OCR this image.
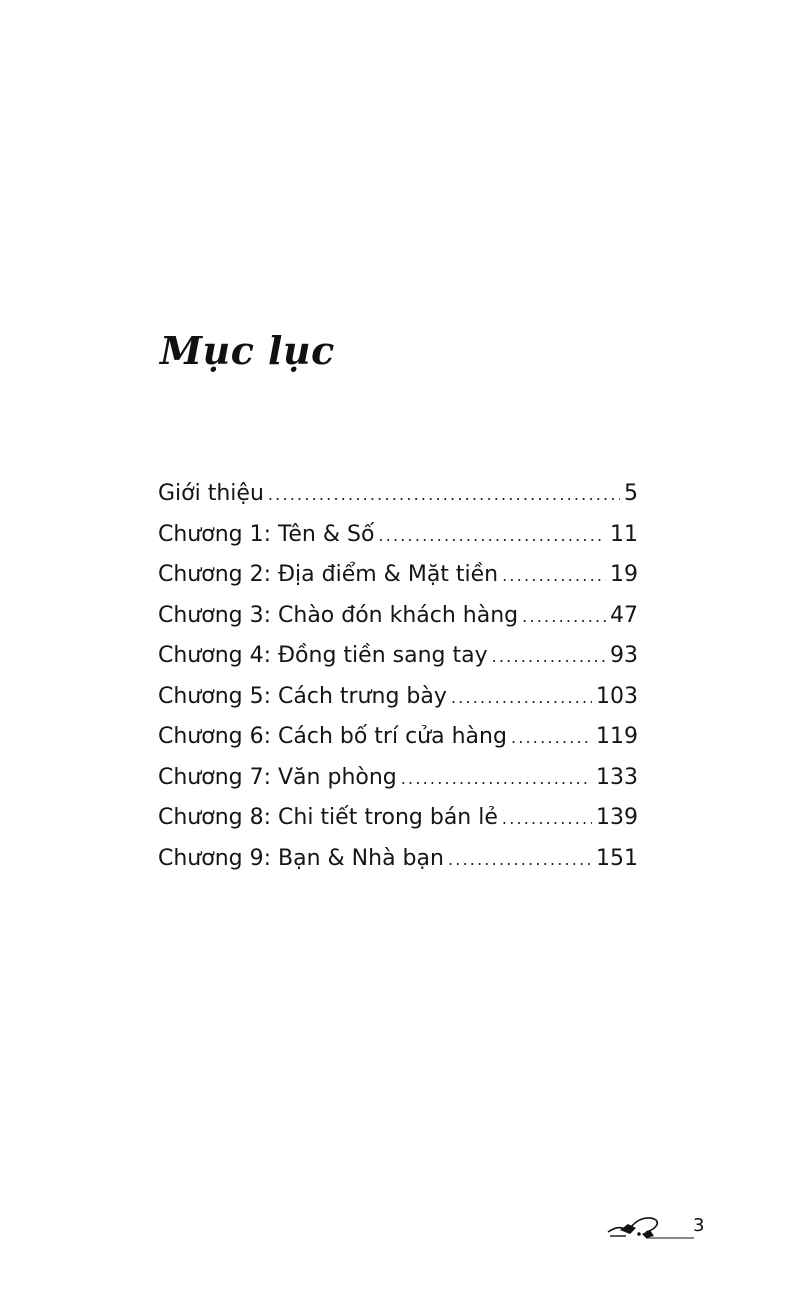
Mục lục
Giới thiệu .....	5
Chương 1: Tên & Số .....	11
Chương 2: Địa điểm & Mặt tiền .....	19
Chương 3: Chào đón khách hàng .....	47
Chương 4: Đồng tiền sang tay .....	93
Chương 5: Cách trưng bày .....	103
Chương 6: Cách bố trí cửa hàng .....	119
Chương 7: Văn phòng .....	133
Chương 8: Chi tiết trong bán lẻ .....	139
Chương 9: Bạn & Nhà bạn .....	151
3
